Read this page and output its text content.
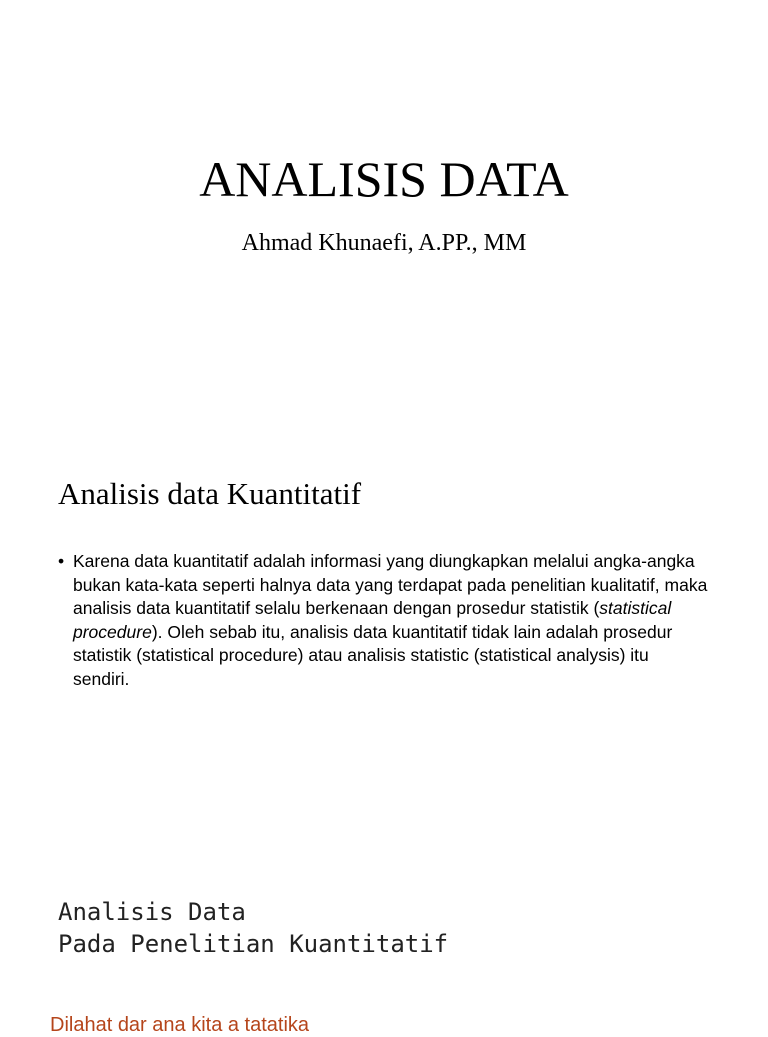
ANALISIS DATA
Ahmad Khunaefi, A.PP., MM
Analisis data Kuantitatif
• Karena data kuantitatif adalah informasi yang diungkapkan melalui angka-angka bukan kata-kata seperti halnya data yang terdapat pada penelitian kualitatif, maka analisis data kuantitatif selalu berkenaan dengan prosedur statistik (statistical procedure). Oleh sebab itu, analisis data kuantitatif tidak lain adalah prosedur statistik (statistical procedure) atau analisis statistic (statistical analysis) itu sendiri.
Analisis Data
Pada Penelitian Kuantitatif
Dilahat dar ana kita a tatatika
